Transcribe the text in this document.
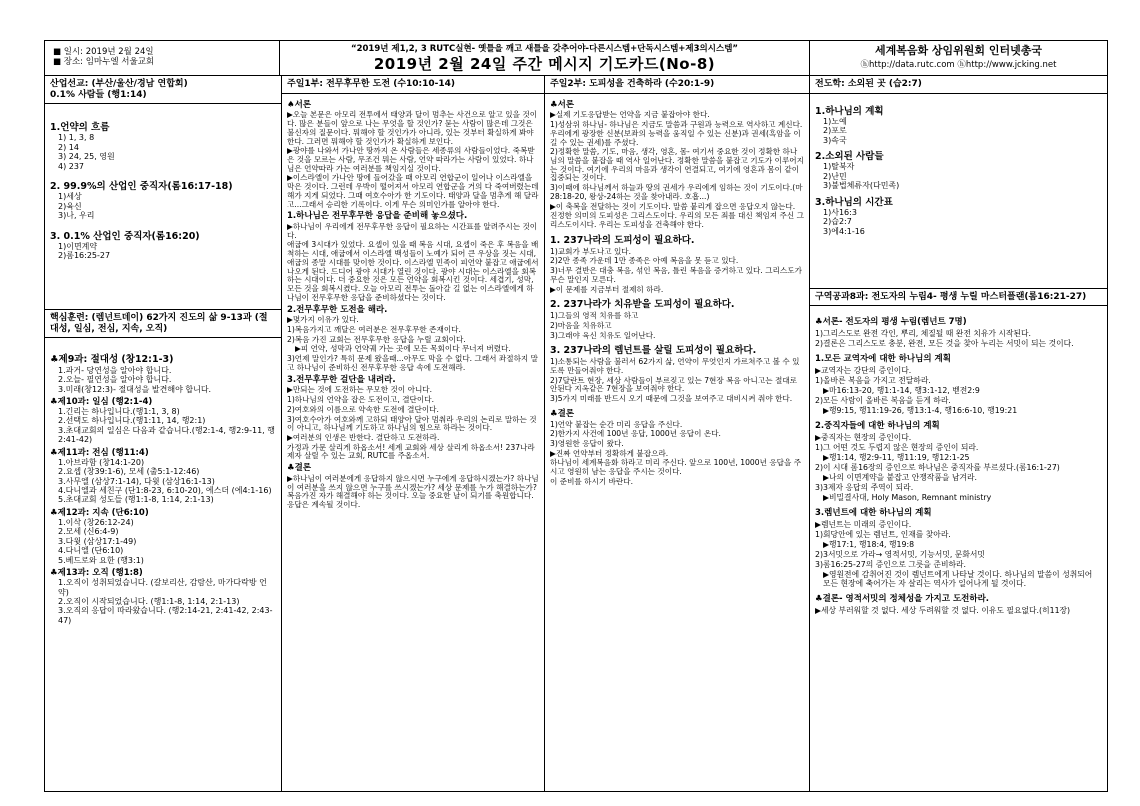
■ 일시: 2019년 2월 24일
■ 장소: 임마누엘 서울교회
“2019년 제1,2, 3 RUTC실현- 옛틀을 깨고 새틀을 갖추어야-다른시스템+단독시스템+제3의시스템”
2019년 2월 24일 주간 메시지 기도카드(No-8)
세계복음화 상임위원회 인터넷총국
ⓗhttp://data.rutc.com ⓗhttp://www.jcking.net
산업선교: (부산/울산/경남 연합회)
0.1% 사람들 (행1:14)
1.언약의 흐름
1) 1, 3, 8
2) 14
3) 24, 25, 영원
4) 237
2. 99.9%의 산업인 중직자(롬16:17-18)
1)세상
2)육신
3)나, 우리
3. 0.1% 산업인 중직자(롬16:20)
1)이면계약
2)롬16:25-27
핵심훈련: (렘넌트데이) 62가지 진도의 삶 9-13과 (절대성, 일심, 전심, 지속, 오직)
♣제9과: 절대성 (창12:1-3)
1.과거- 당연성을 알아야 합니다.
2.오늘- 필연성을 알아야 합니다.
3.미래(창12:3)- 절대성을 발견해야 합니다.
♣제10과: 일심 (행2:1-4)
1.긴리는 하나입니다.(행1:1, 3, 8)
2.선택도 하나입니다.(행1:11, 14, 행2:1)
3.초대교회의 일심은 다음과 같습니다.(행2:1-4, 행2:9-11, 행2:41-42)
♣제11과: 전심 (행11:4)
1.아브라함 (창14:1-20)
2.요셉 (창39:1-6), 모세 (출5:1-12:46)
3.사무엘 (삼상7:1-14), 다윗 (삼상16:1-13)
4.다니엘과 세친구 (단1:8-23, 6:10-20), 에스더 (에4:1-16)
5.초대교회 성도들 (행1:1-8, 1:14, 2:1-13)
♣제12과: 지속 (단6:10)
1.이삭 (창26:12-24)
2.모세 (신6:4-9)
3.다윗 (삼상17:1-49)
4.다니엘 (단6:10)
5.베드로와 요한 (행3:1)
♣제13과: 오직 (행1:8)
1.오직이 성취되었습니다. (갈보리산, 감람산, 마가다락방 언약)
2.오직이 시작되었습니다. (행1:1-8, 1:14, 2:1-13)
3.오직의 응답이 따라왔습니다. (행2:14-21, 2:41-42, 2:43-47)
주일1부: 전무후무한 도전 (수10:10-14)
♠서론
▶오늘 본문은 아모리 전투에서 태양과 달이 멈추는 사건으로 알고 있을 것이다. 많은 분들이 앞으로 나는 무엇을 할 것인가? 묻는 사람이 많은데 그것은 불신자의 질문이다. 뭐해야 할 것인가가 아니라, 있는 것부터 확실하게 봐야 한다. 그러면 뭐해야 할 것인가가 확실하게 보인다.
▶광야를 나와서 가나안 땅까지 온 사람들은 세종류의 사람들이었다. 죽복받은 것을 모르는 사람, 무조건 뭐는 사람, 언약 따라가는 사람이 있었다. 하나님은 언약따라 가는 여러분를 책임지실 것이다.
▶이스라엘이 가나안 땅에 들어갔을 때 아모리 연합군이 일어나 이스라엘을 막은 것이다. 그런데 우박이 떨어져서 아모리 연합군을 거의 다 죽여버렸는데 해가 지게 되었다. 그때 여호수아가 한 기도이다. 태양과 달을 멈추게 해 달라고...그래서 승리한 기록이다. 이게 무슨 의미인가를 알아야 한다.
1.하나님은 전무후무한 응답을 준비해 놓으셨다.
▶하나님이 우리에게 전무후무한 응답이 필요하는 시간표를 알려주시는 것이다.
애굽에 3시대가 있었다. 요셉이 있을 때 복음 시대, 요셉이 죽은 후 복음을 배척하는 시대, 애굽에서 이스라엘 백성들이 노예가 되어 큰 우상을 짓는 시대, 애굽의 종말 시대를 맞이한 것이다. 이스라엘 민족이 피언약 붙잡고 애굽에서 나오게 된다. 드디어 광야 시대가 열린 것이다. 광야 시대는 이스라엘을 회복하는 시대이다. 더 중요한 것은 모든 언약을 회복시킨 것이다. 세겹기, 성막, 모든 것을 회복시켰다. 오늘 아모리 전투는 돌아갈 길 없는 이스라엘에게 하나님이 전무후무한 응답을 준비하셨다는 것이다.
2.전무후무한 도전을 해라.
▶몇가지 이유가 있다.
1)복음가지고 깨달은 여러분은 전무후무한 존재이다.
2)복음 가진 교회는 전무후무한 응답을 누릴 교회이다.
▶피 언약, 성막과 언약궤 가는 곳에 모든 목회이다 무너져 버렸다.
3)언제 말인가? 특히 문제 왔을때...아무도 막을 수 없다. 그래서 좌절하지 말고 하나님이 준비하신 전무후무한 응답 속에 도전해라.
3.전무후무한 걸단을 내려라.
▶만되는 것에 도전하는 무모한 것이 아니다.
1)하나님의 언약을 잡은 도전이고, 결단이다.
2)여호와의 이름으로 약속한 도전에 결단이다.
3)여호수아가 여호와께 고하되 태양아 달아 멈춰라 우리의 논리로 말하는 것이 아니고, 하나님께 기도하고 하나님의 힘으로 하라는 것이다.
▶여러분의 인생은 반한다. 결단하고 도전하라.
가정과 가문 살리게 하옵소서! 세계 교회와 세상 살리게 하옵소서! 237나라 제자 살릴 수 있는 교회, RUTC를 주옵소서.
♣결론
▶하나님이 여러분에게 응답하지 않으시면 누구에게 응답하시겠는가? 하나님이 여러분을 쓰지 않으면 누구를 쓰시겠는가? 세상 문제를 누가 해결하는가? 복음가진 자가 해결해야 하는 것이다. 오늘 중요한 날이 되기를 축원합니다. 응답은 계속될 것이다.
주일2부: 도피성을 건축하라 (수20:1-9)
♣서론
▶실제 기도응답받는 언약을 지금 붙잡아야 한다.
1)성삼위 하나님- 하나님은 지금도 말씀과 구원과 능력으로 역사하고 계신다. 우리에게 광장한 신분(보좌의 능력을 움직일 수 있는 신분)과 권세(흑암을 이길 수 있는 권세)를 주셨다.
2)정확한 말씀, 기도, 마음, 생각, 영혼, 몸- 여기서 중요한 것이 정확한 하나님의 말씀을 붙잡을 때 역사 일어난다. 정확한 말씀을 붙잡고 기도가 이루어지는 것이다. 여기에 우리의 마음과 생각이 연결되고, 여기에 영혼과 몸이 같이 집중되는 것이다.
3)이때에 하나님께서 하늘과 땅의 권세가 우리에게 임하는 것이 기도이다.(마28:18-20, 왕상-24하는 것을 찾아내라. 호흡...)
▶이 축복을 전달하는 것이 기도이다. 말씀 붙리게 잡으면 응답오지 않는다.
진정한 의미의 도피성은 그리스도이다. 우리의 모든 죄를 대신 책임져 주신 그리스도이시다. 우리는 도피성을 건축해야 한다.
1. 237나라의 도피성이 필요하다.
1)교회가 부도나고 있다.
2)2만 종족 가운데 1만 종족은 아예 복음을 못 듣고 있다.
3)너무 결반은 대충 복음, 섞인 복음, 틀린 복음을 증거하고 있다. 그리스도가 무슨 말인지 모른다.
▶이 문제를 지금부터 절제히 하라.
2. 237나라가 치유받을 도피성이 필요하다.
1)그들의 영적 치유를 하고
2)마음을 치유하고
3)그래야 육신 치유도 일어난다.
3. 237나라의 렘넌트를 살릴 도피성이 필요하다.
1)소통되는 사람을 불러서 62가지 삶, 언약이 무엇인지 가르쳐주고 볼 수 있도록 만들어줘야 한다.
2)7달란트 현장, 세상 사람들이 부르짖고 있는 7현장 복음 아니고는 절대로 안된다 지옥같은 7현장을 보여줘야 한다.
3)5가지 미래를 반드시 오기 때문에 그것을 보여주고 대비시켜 줘야 한다.
♣결론
1)언약 붙잡는 순간 미리 응답을 주신다.
2)한가지 사건에 100년 응답, 1000년 응답이 온다.
3)영원한 응답이 왔다.
▶진짜 언약부터 정확하게 붙잡으라.
하나님이 세계복음화 하라고 미리 주신다. 앞으로 100년, 1000년 응답을 주시고 영원히 남는 응답을 주시는 것이다.
이 준비를 하시기 바란다.
전도학: 소외된 곳 (습2:7)
1.하나님의 계획
1)노예
2)포로
3)속국
2.소외된 사람들
1)탈북자
2)난민
3)불법체류자(다민족)
3.하나님의 시간표
1)사16:3
2)습2:7
3)에4:1-16
구역공과8과: 전도자의 누림4- 평생 누릴 마스터플랜(롬16:21-27)
♣서론- 전도자의 평생 누림(렘넌트 7명)
1)그리스도로 완전 각인, 뿌리, 체질될 때 완전 치유가 시작된다.
2)결론은 그리스도로 충분, 완전, 모든 것을 찾아 누리는 서밋이 되는 것이다.
1.모든 교역자에 대한 하나님의 계획
▶교역자는 강단의 증인이다.
1)올바른 복음을 가지고 전달하라.
▶마16:13-20, 행1:1-14, 행3:1-12, 벧전2:9
2)모든 사람이 올바른 복음을 듣게 하라.
▶행9:15, 행11:19-26, 행13:1-4, 행16:6-10, 행19:21
2.중직자들에 대한 하나님의 계획
▶중직자는 현장의 증인이다.
1)그 어떤 것도 두렵지 않은 현장의 증인이 되라.
▶행1:14, 행2:9-11, 행11:19, 행12:1-25
2)이 시대 롬16장의 증인으로 하나님은 중직자를 부르셨다.(롬16:1-27)
▶나의 이면계약을 붙잡고 안쟁작품을 남겨라.
3)3제자 응답의 주역이 되라.
▶비밀결사대, Holy Mason, Remnant ministry
3.렘넌트에 대한 하나님의 계획
▶렘넌트는 미래의 증인이다.
1)회당안에 있는 렘넌트, 인재를 찾아라.
▶행17:1, 행18:4, 행19:8
2)3서밋으로 가라→ 영적서밋, 기능서밋, 문화서밋
3)롬16:25-27의 증인으로 그릇을 준비하라.
▶영원전에 감취어진 것이 렘넌트에게 나타날 것이다. 하나님의 말씀이 성취되어 모든 현장에 축어가는 자 살리는 역사가 일어나게 될 것이다.
♣결론- 영적서밋의 정체성을 가지고 도전하라.
▶세상 부러워할 것 없다. 세상 두려워할 것 없다. 이유도 필요없다.(히11장)
